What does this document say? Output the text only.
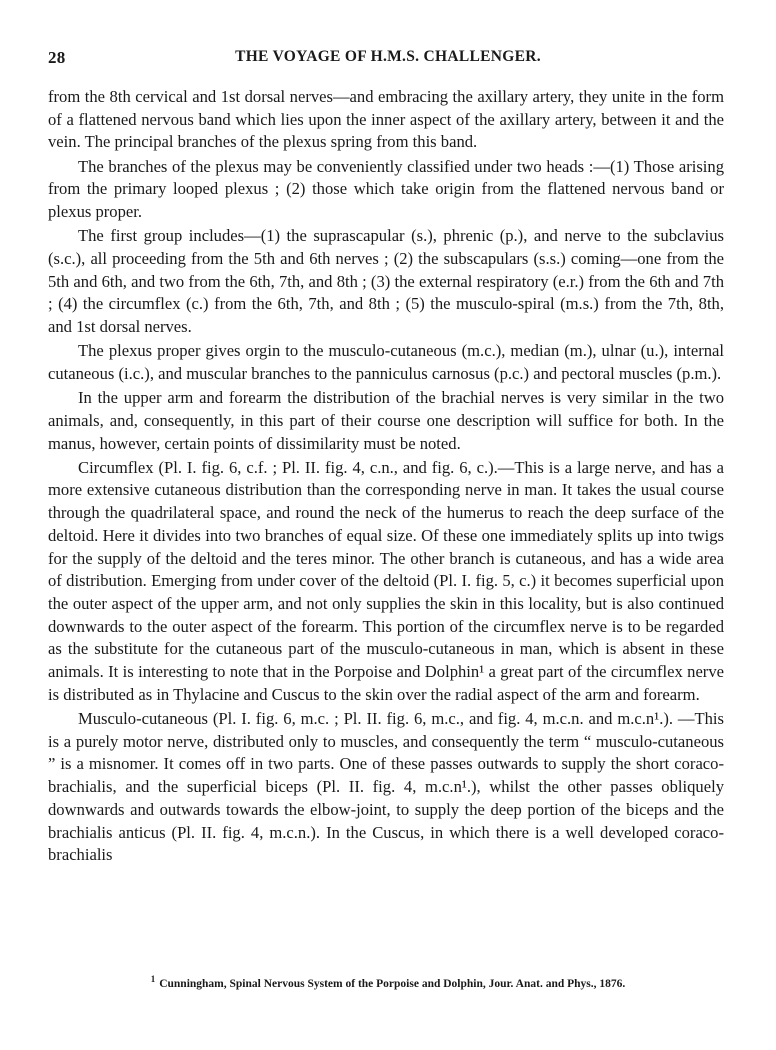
28	THE VOYAGE OF H.M.S. CHALLENGER.

from the 8th cervical and 1st dorsal nerves—and embracing the axillary artery, they unite in the form of a flattened nervous band which lies upon the inner aspect of the axillary artery, between it and the vein. The principal branches of the plexus spring from this band.

The branches of the plexus may be conveniently classified under two heads :—(1) Those arising from the primary looped plexus ; (2) those which take origin from the flattened nervous band or plexus proper.

The first group includes—(1) the suprascapular (s.), phrenic (p.), and nerve to the subclavius (s.c.), all proceeding from the 5th and 6th nerves ; (2) the subscapulars (s.s.) coming—one from the 5th and 6th, and two from the 6th, 7th, and 8th ; (3) the external respiratory (e.r.) from the 6th and 7th ; (4) the circumflex (c.) from the 6th, 7th, and 8th ; (5) the musculo-spiral (m.s.) from the 7th, 8th, and 1st dorsal nerves.

The plexus proper gives orgin to the musculo-cutaneous (m.c.), median (m.), ulnar (u.), internal cutaneous (i.c.), and muscular branches to the panniculus carnosus (p.c.) and pectoral muscles (p.m.).

In the upper arm and forearm the distribution of the brachial nerves is very similar in the two animals, and, consequently, in this part of their course one description will suffice for both. In the manus, however, certain points of dissimilarity must be noted.

Circumflex (Pl. I. fig. 6, c.f. ; Pl. II. fig. 4, c.n., and fig. 6, c.).—This is a large nerve, and has a more extensive cutaneous distribution than the corresponding nerve in man. It takes the usual course through the quadrilateral space, and round the neck of the humerus to reach the deep surface of the deltoid. Here it divides into two branches of equal size. Of these one immediately splits up into twigs for the supply of the deltoid and the teres minor. The other branch is cutaneous, and has a wide area of distribution. Emerging from under cover of the deltoid (Pl. I. fig. 5, c.) it becomes superficial upon the outer aspect of the upper arm, and not only supplies the skin in this locality, but is also continued downwards to the outer aspect of the forearm. This portion of the circumflex nerve is to be regarded as the substitute for the cutaneous part of the musculo-cutaneous in man, which is absent in these animals. It is interesting to note that in the Porpoise and Dolphin¹ a great part of the circumflex nerve is distributed as in Thylacine and Cuscus to the skin over the radial aspect of the arm and forearm.

Musculo-cutaneous (Pl. I. fig. 6, m.c. ; Pl. II. fig. 6, m.c., and fig. 4, m.c.n. and m.c.n¹.). —This is a purely motor nerve, distributed only to muscles, and consequently the term “ musculo-cutaneous ” is a misnomer. It comes off in two parts. One of these passes outwards to supply the short coraco-brachialis, and the superficial biceps (Pl. II. fig. 4, m.c.n¹.), whilst the other passes obliquely downwards and outwards towards the elbow-joint, to supply the deep portion of the biceps and the brachialis anticus (Pl. II. fig. 4, m.c.n.). In the Cuscus, in which there is a well developed coraco-brachialis

$^1$ Cunningham, Spinal Nervous System of the Porpoise and Dolphin, Jour. Anat. and Phys., 1876.
